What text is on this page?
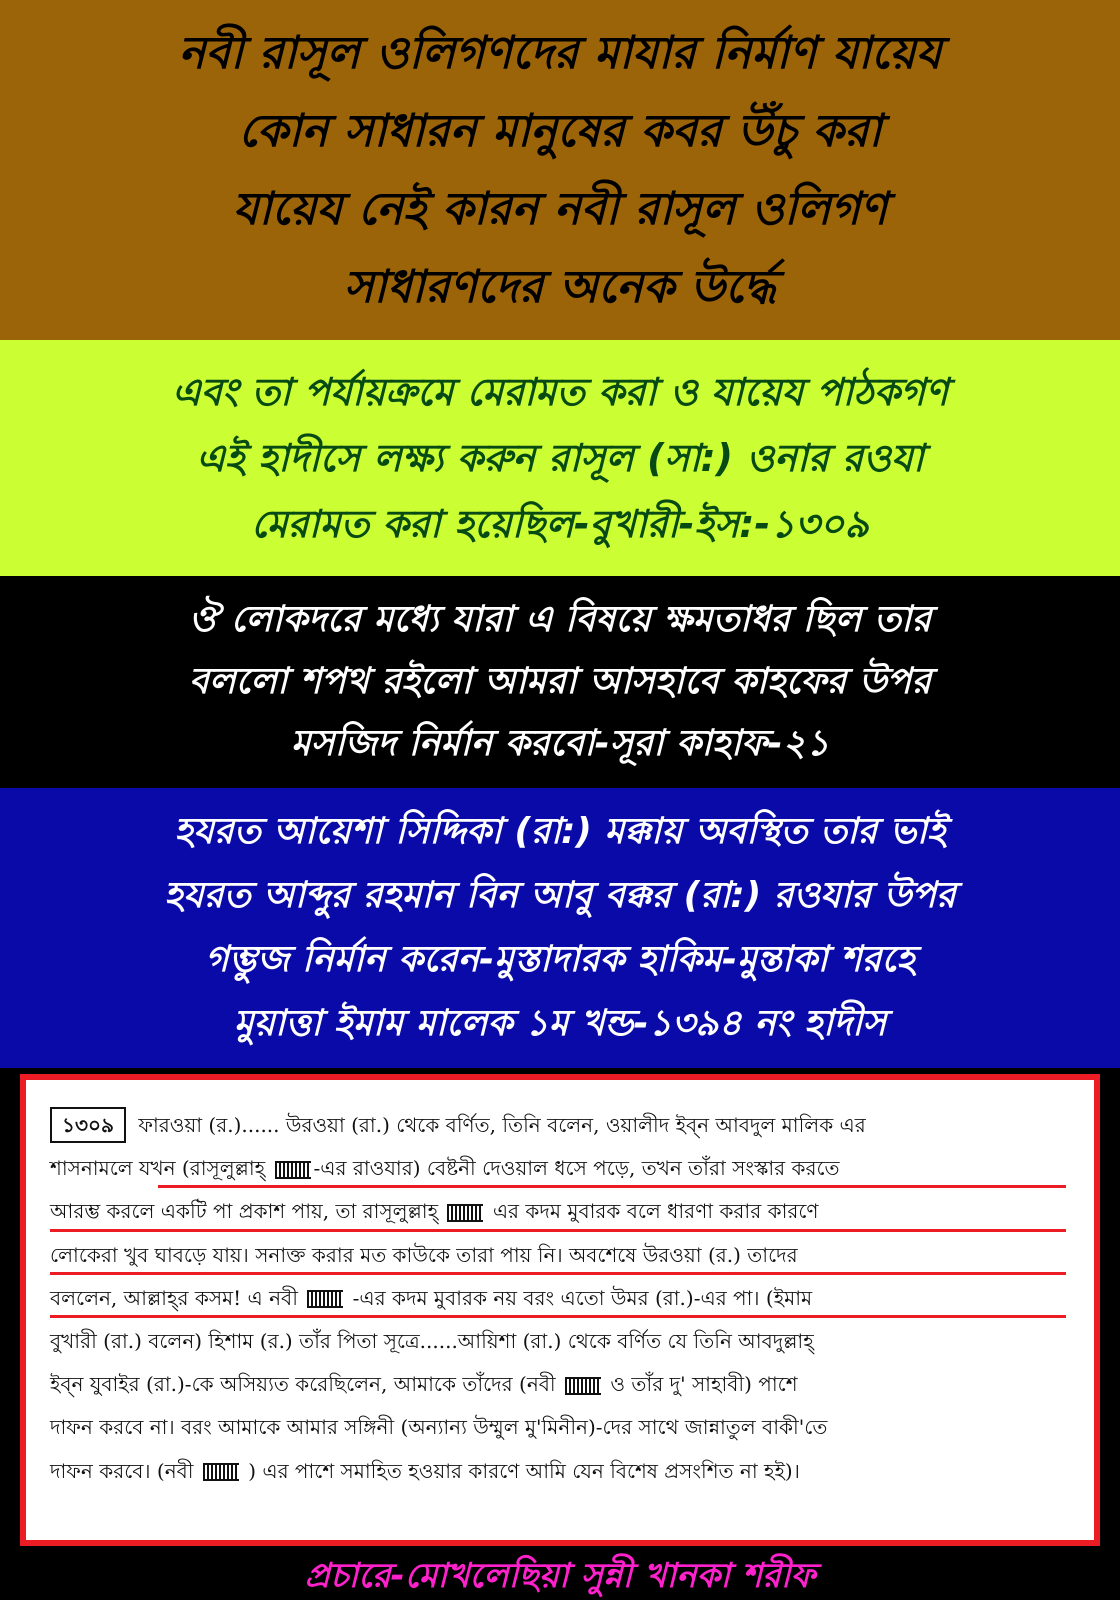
নবী রাসূল ওলিগণদের মাযার নির্মাণ যায়েয
কোন সাধারন মানুষের কবর উঁচু করা
যায়েয নেই কারন নবী রাসূল ওলিগণ
সাধারণদের অনেক উর্দ্ধে
এবং তা পর্যায়ক্রমে মেরামত করা ও যায়েয পাঠকগণ
এই হাদীসে লক্ষ্য করুন রাসূল (সা:) ওনার রওযা
মেরামত করা হয়েছিল-বুখারী-ইস:-১৩০৯
ঔ লোকদরে মধ্যে যারা এ বিষয়ে ক্ষমতাধর ছিল তার
বললো শপথ রইলো আমরা আসহাবে কাহফের উপর
মসজিদ নির্মান করবো-সূরা কাহাফ-২১
হযরত আয়েশা সিদ্দিকা (রা:) মক্কায় অবস্থিত তার ভাই
হযরত আব্দুর রহমান বিন আবু বক্কর (রা:) রওযার উপর
গম্ভুজ নির্মান করেন-মুস্তাদারক হাকিম-মুন্তাকা শরহে
মুয়াত্তা ইমাম মালেক ১ম খন্ড-১৩৯৪ নং হাদীস
১৩০৯ ফারওয়া (র.)...... উরওয়া (রা.) থেকে বর্ণিত, তিনি বলেন, ওয়ালীদ ইব্‌ন আবদুল মালিক এর
শাসনামলে যখন (রাসূলুল্লাহ্ -এর রাওযার) বেষ্টনী দেওয়াল ধসে পড়ে, তখন তাঁরা সংস্কার করতে
আরম্ভ করলে একটি পা প্রকাশ পায়, তা রাসূলুল্লাহ্  এর কদম মুবারক বলে ধারণা করার কারণে
লোকেরা খুব ঘাবড়ে যায়। সনাক্ত করার মত কাউকে তারা পায় নি। অবশেষে উরওয়া (র.) তাদের
বললেন, আল্লাহ্‌র কসম! এ নবী  -এর কদম মুবারক নয় বরং এতো উমর (রা.)-এর পা। (ইমাম
বুখারী (রা.) বলেন) হিশাম (র.) তাঁর পিতা সূত্রে......আয়িশা (রা.) থেকে বর্ণিত যে তিনি আবদুল্লাহ্
ইব্‌ন যুবাইর (রা.)-কে অসিয়্যত করেছিলেন, আমাকে তাঁদের (নবী  ও তাঁর দু' সাহাবী) পাশে
দাফন করবে না। বরং আমাকে আমার সঙ্গিনী (অন্যান্য উম্মুল মু'মিনীন)-দের সাথে জান্নাতুল বাকী'তে
দাফন করবে। (নবী  ) এর পাশে সমাহিত হওয়ার কারণে আমি যেন বিশেষ প্রসংশিত না হই)।
প্রচারে-মোখলেছিয়া সুন্নী খানকা শরীফ
